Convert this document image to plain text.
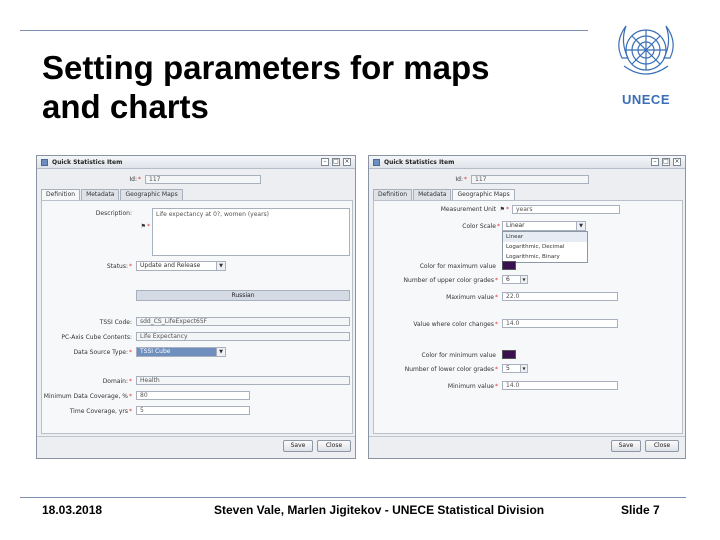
Setting parameters for maps
and charts	UNECE
Quick Statistics Item	–	□ ×
Id:*	117
Definition	Metadata	Geographic Maps
Description:	Life expectancy at 0?, women (years)
⚑*
Status:*	Update and Release	▼
Russian
TSSI Code:	sdd_CS_LifeExpect65F
PC-Axis Cube Contents:	Life Expectancy
Data Source Type:*	TSSI Cube	▼
Domain:*	Health
Minimum Data Coverage, %*	80
Time Coverage, yrs*	5
Save	Close
Quick Statistics Item	–	□ ×
Id:*	117
Definition	Metadata	Geographic Maps
Measurement Unit ⚑*	years
Color Scale*	Linear	▼
Linear
Logarithmic, Decimal
Logarithmic, Binary
Color for maximum value
Number of upper color grades*	6	▼
Maximum value*	22.0
Value where color changes*	14.0
Color for minimum value
Number of lower color grades*	5	▼
Minimum value*	14.0
Save	Close
18.03.2018	Steven Vale, Marlen Jigitekov - UNECE Statistical Division	Slide 7
